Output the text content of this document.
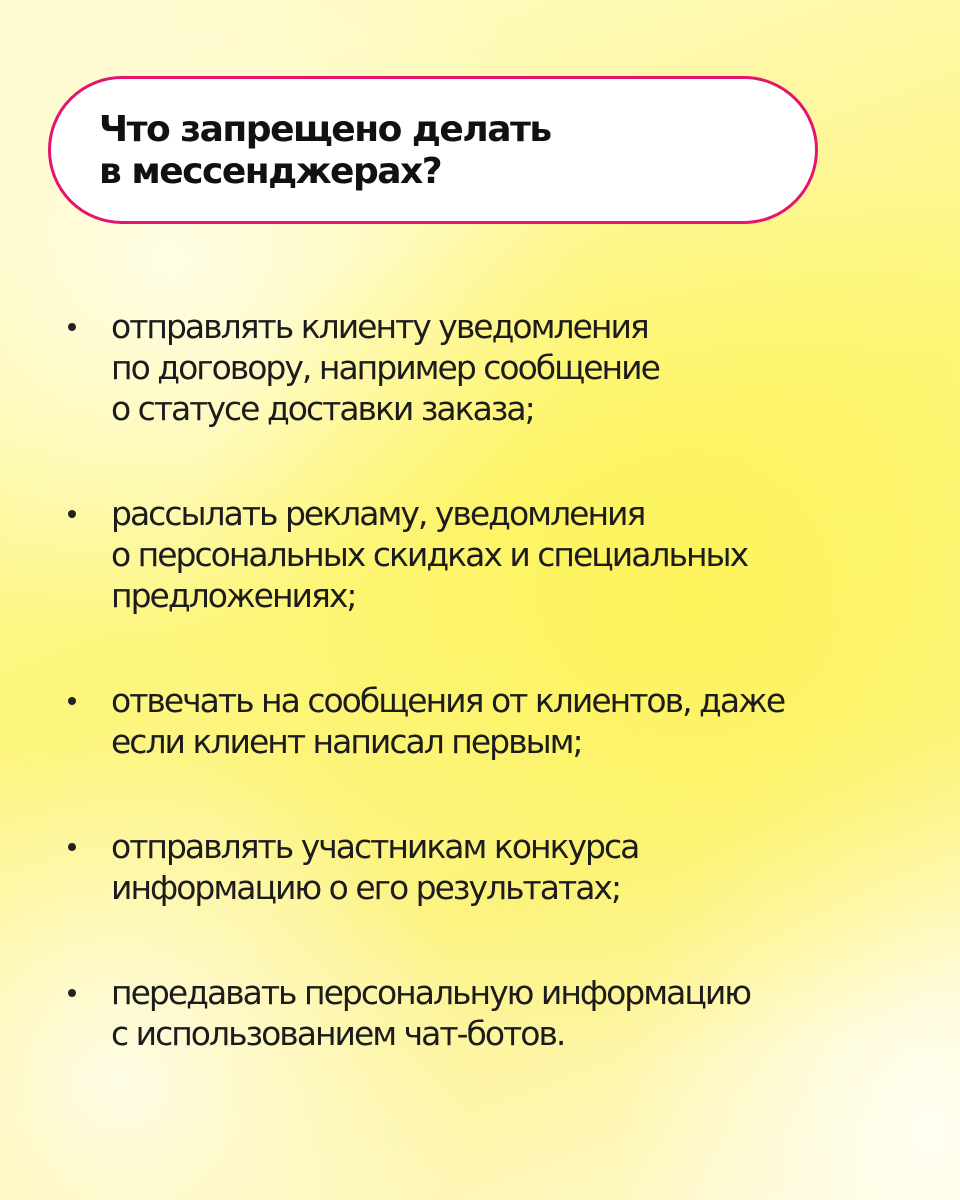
Что запрещено делать
в мессенджерах?
отправлять клиенту уведомления
по договору, например сообщение
о статусе доставки заказа;
рассылать рекламу, уведомления
о персональных скидках и специальных
предложениях;
отвечать на сообщения от клиентов, даже
если клиент написал первым;
отправлять участникам конкурса
информацию о его результатах;
передавать персональную информацию
с использованием чат-ботов.
